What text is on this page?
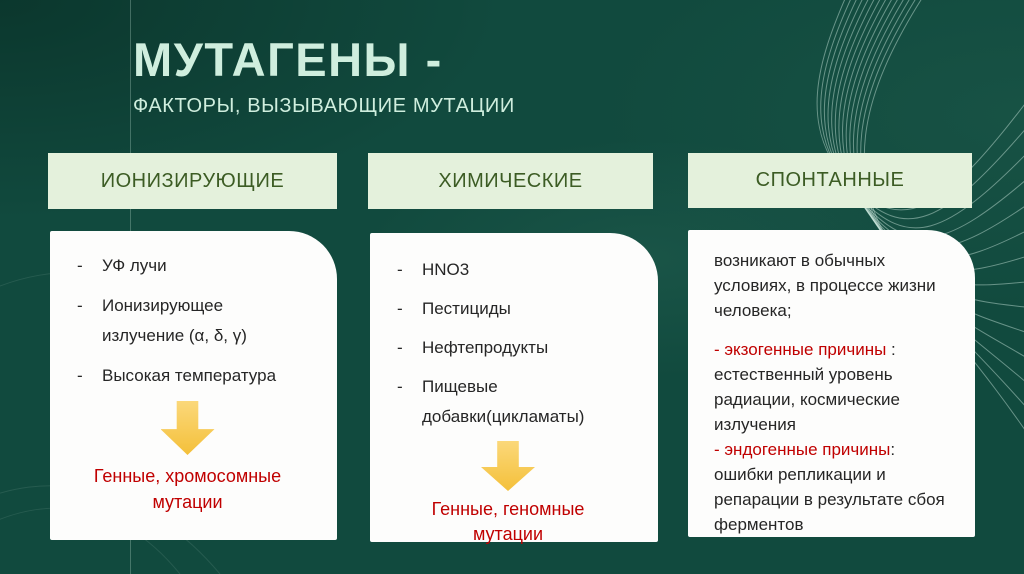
МУТАГЕНЫ -
ФАКТОРЫ, ВЫЗЫВАЮЩИЕ МУТАЦИИ
ИОНИЗИРУЮЩИЕ	ХИМИЧЕСКИЕ	СПОНТАННЫЕ
-	УФ лучи
-	Ионизирующее излучение (α, δ, γ)
-	Высокая температура
Генные, хромосомные мутации
-	HNO3
-	Пестициды
-	Нефтепродукты
-	Пищевые добавки(цикламаты)
Генные, геномные мутации

возникают в обычных условиях, в процессе жизни человека;

- экзогенные причины : естественный уровень радиации, космические излучения

- эндогенные причины: ошибки репликации и репарации в результате сбоя ферментов
